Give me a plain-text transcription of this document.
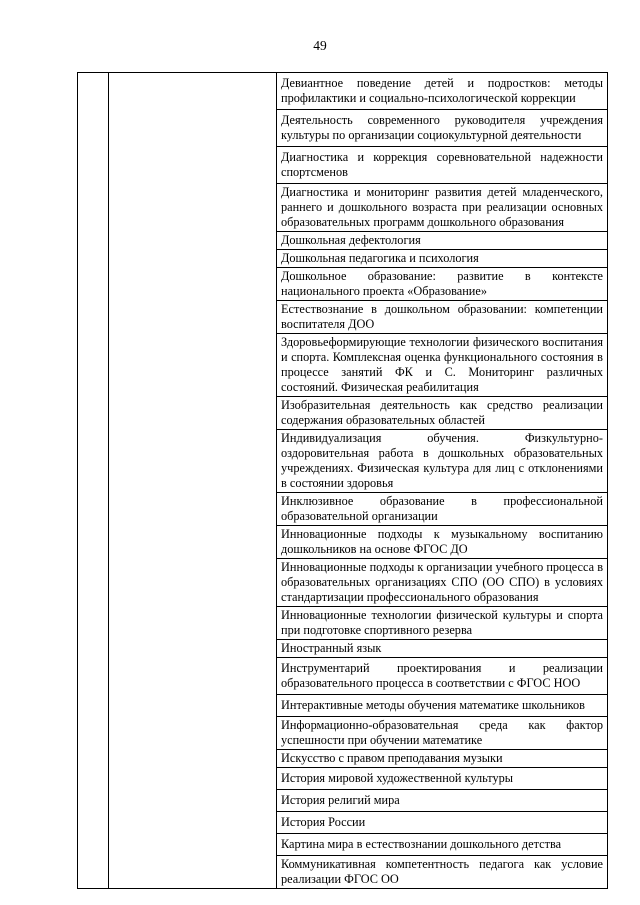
49

Девиантное поведение детей и подростков: методы профилактики и социально-психологической коррекции
Деятельность современного руководителя учреждения культуры по организации социокультурной деятельности
Диагностика и коррекция соревновательной надежности спортсменов
Диагностика и мониторинг развития детей младенческого, раннего и дошкольного возраста при реализации основных образовательных программ дошкольного образования
Дошкольная дефектология
Дошкольная педагогика и психология
Дошкольное образование: развитие в контексте национального проекта «Образование»
Естествознание в дошкольном образовании: компетенции воспитателя ДОО
Здоровьеформирующие технологии физического воспитания и спорта. Комплексная оценка функционального состояния в процессе занятий ФК и С. Мониторинг различных состояний. Физическая реабилитация
Изобразительная деятельность как средство реализации содержания образовательных областей
Индивидуализация обучения. Физкультурно-оздоровительная работа в дошкольных образовательных учреждениях. Физическая культура для лиц с отклонениями в состоянии здоровья
Инклюзивное образование в профессиональной образовательной организации
Инновационные подходы к музыкальному воспитанию дошкольников на основе ФГОС ДО
Инновационные подходы к организации учебного процесса в образовательных организациях СПО (ОО СПО) в условиях стандартизации профессионального образования
Инновационные технологии физической культуры и спорта при подготовке спортивного резерва
Иностранный язык
Инструментарий проектирования и реализации образовательного процесса в соответствии с ФГОС НОО
Интерактивные методы обучения математике школьников
Информационно-образовательная среда как фактор успешности при обучении математике
Искусство с правом преподавания музыки
История мировой художественной культуры
История религий мира
История России
Картина мира в естествознании дошкольного детства
Коммуникативная компетентность педагога как условие реализации ФГОС ОО
